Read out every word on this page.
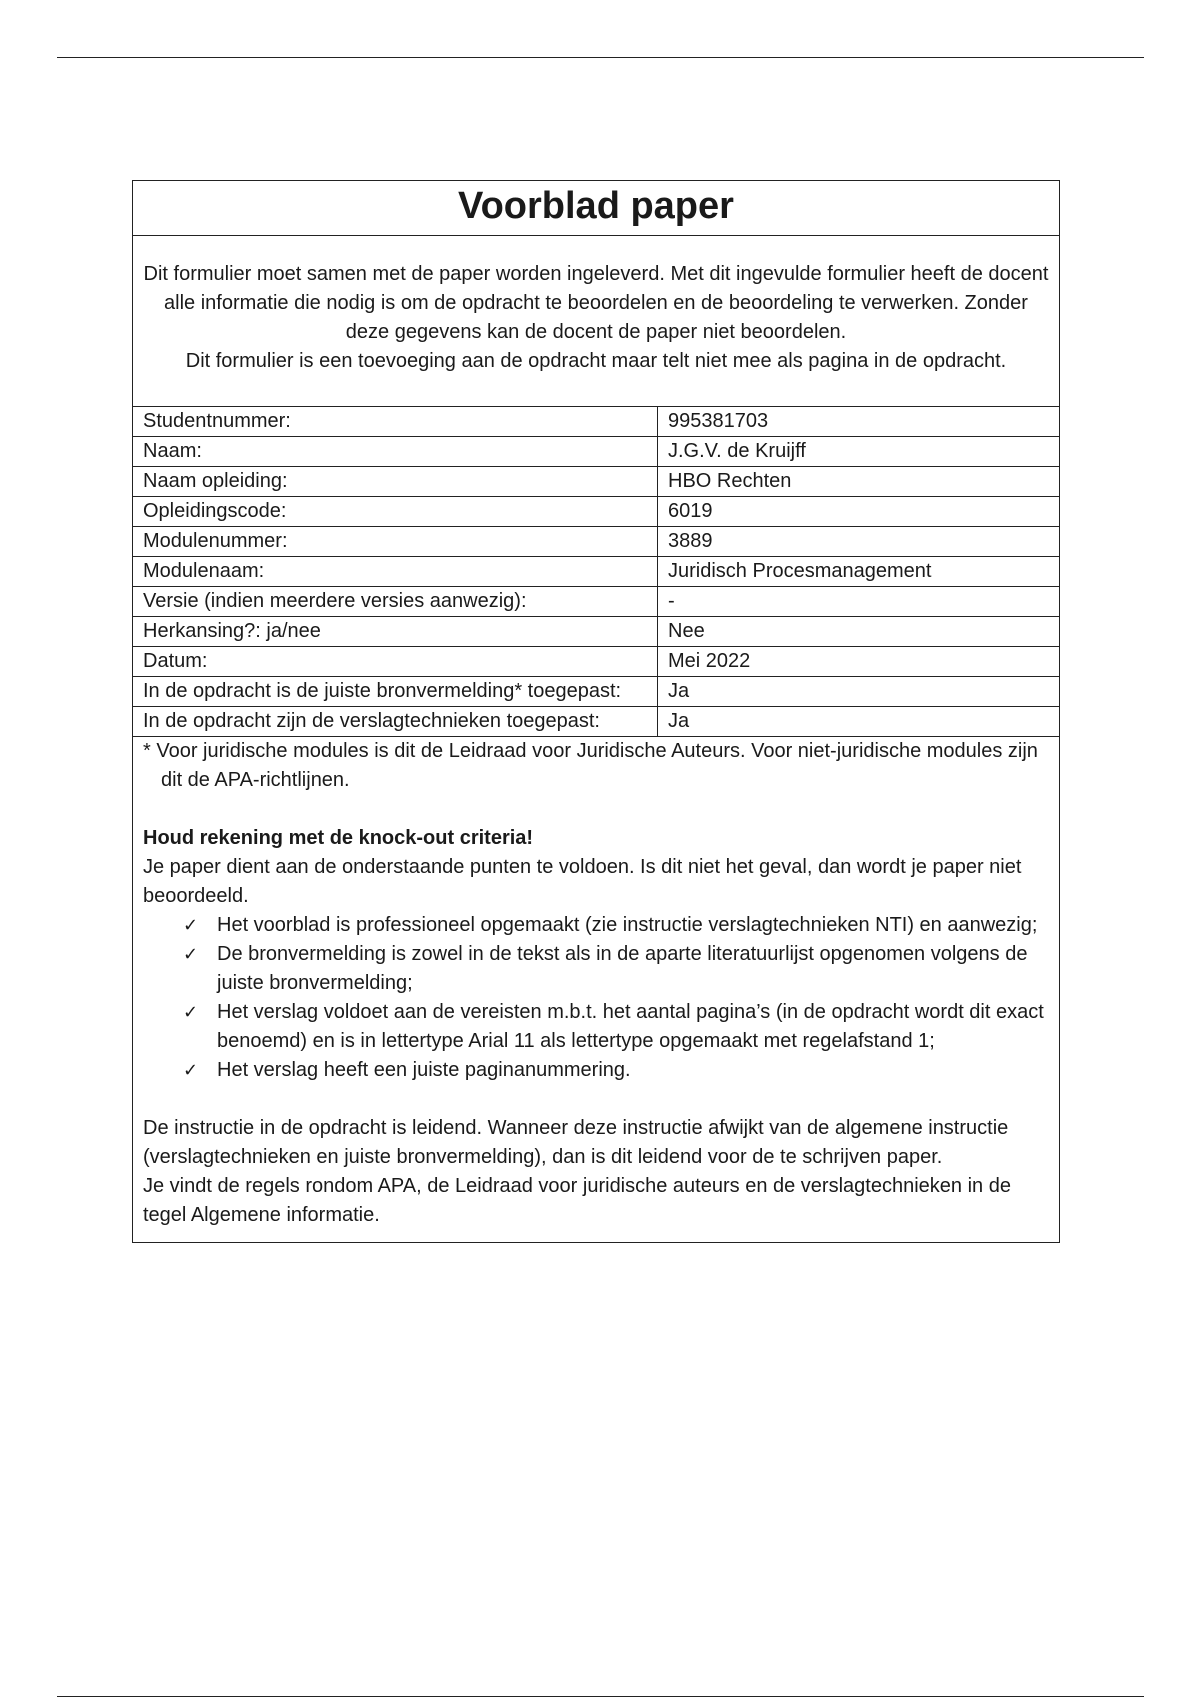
Voorblad paper

Dit formulier moet samen met de paper worden ingeleverd. Met dit ingevulde formulier heeft de docent alle informatie die nodig is om de opdracht te beoordelen en de beoordeling te verwerken. Zonder deze gegevens kan de docent de paper niet beoordelen.

Dit formulier is een toevoeging aan de opdracht maar telt niet mee als pagina in de opdracht.

Studentnummer:	995381703
Naam:	J.G.V. de Kruijff
Naam opleiding:	HBO Rechten
Opleidingscode:	6019
Modulenummer:	3889
Modulenaam:	Juridisch Procesmanagement
Versie (indien meerdere versies aanwezig):	-
Herkansing?: ja/nee	Nee
Datum:	Mei 2022
In de opdracht is de juiste bronvermelding* toegepast:	Ja
In de opdracht zijn de verslagtechnieken toegepast:	Ja

* Voor juridische modules is dit de Leidraad voor Juridische Auteurs. Voor niet-juridische modules zijn dit de APA-richtlijnen.

Houd rekening met de knock-out criteria!

Je paper dient aan de onderstaande punten te voldoen. Is dit niet het geval, dan wordt je paper niet beoordeeld.

✓ Het voorblad is professioneel opgemaakt (zie instructie verslagtechnieken NTI) en aanwezig;
✓ De bronvermelding is zowel in de tekst als in de aparte literatuurlijst opgenomen volgens de juiste bronvermelding;
✓ Het verslag voldoet aan de vereisten m.b.t. het aantal pagina’s (in de opdracht wordt dit exact benoemd) en is in lettertype Arial 11 als lettertype opgemaakt met regelafstand 1;
✓ Het verslag heeft een juiste paginanummering.

De instructie in de opdracht is leidend. Wanneer deze instructie afwijkt van de algemene instructie (verslagtechnieken en juiste bronvermelding), dan is dit leidend voor de te schrijven paper.

Je vindt de regels rondom APA, de Leidraad voor juridische auteurs en de verslagtechnieken in de tegel Algemene informatie.
